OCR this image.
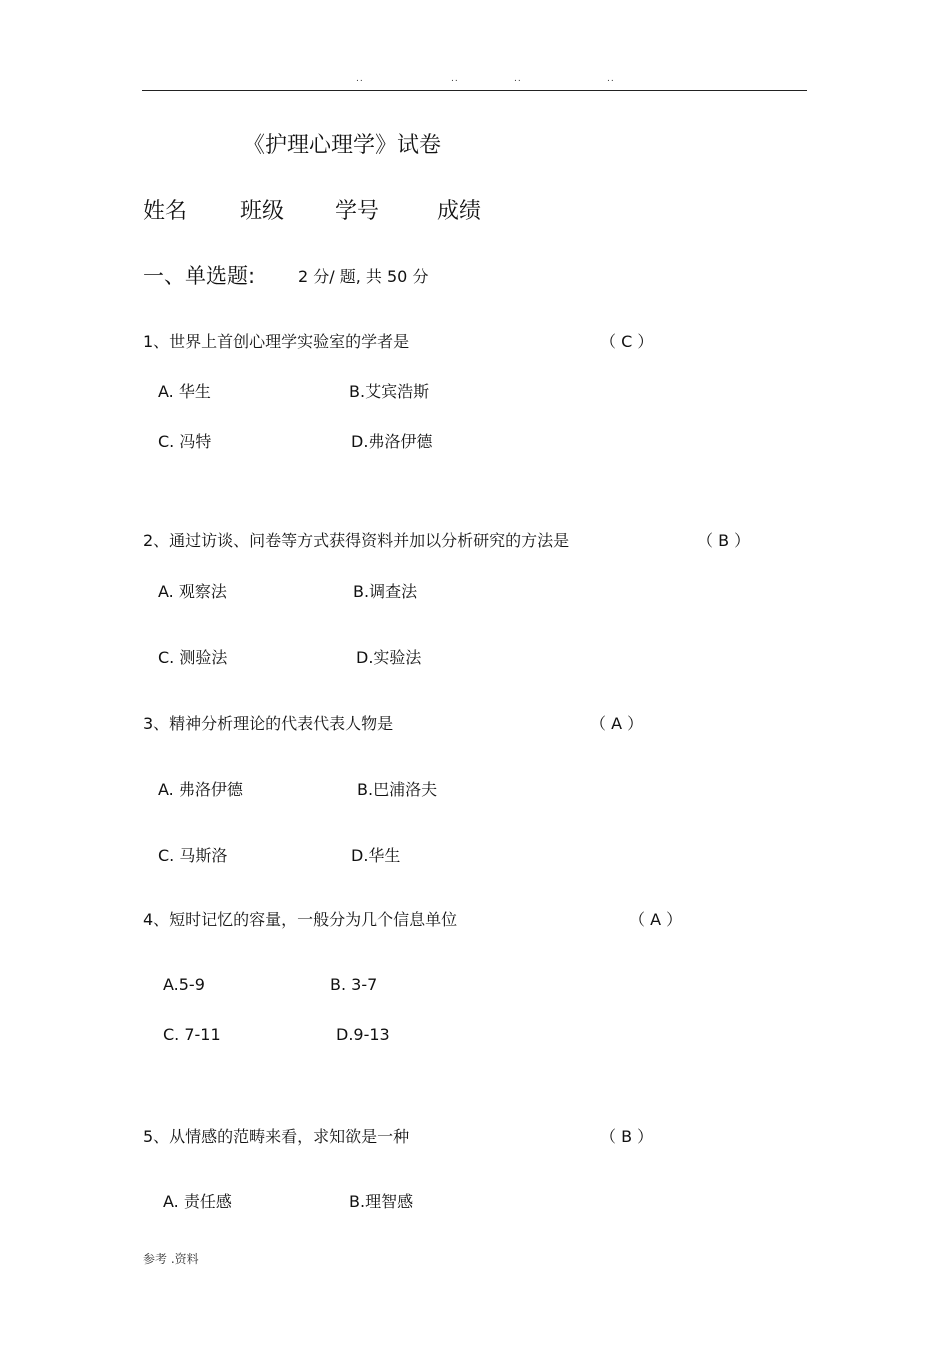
..	..	..	..
《护理心理学》试卷
姓名 班级 学号	成绩
一、单选题:	2 分/ 题, 共 50 分
1、世界上首创心理学实验室的学者是	（ C ）
A. 华生	B.艾宾浩斯
C. 冯特	D.弗洛伊德
2、通过访谈、问卷等方式获得资料并加以分析研究的方法是	（ B ）
A. 观察法	B.调查法
C. 测验法	D.实验法
3、精神分析理论的代表代表人物是	（ A ）
A. 弗洛伊德	B.巴浦洛夫
C. 马斯洛	D.华生
4、短时记忆的容量，一般分为几个信息单位	（ A ）
A.5-9	B. 3-7
C. 7-11	D.9-13
5、从情感的范畴来看，求知欲是一种	（ B ）
A. 责任感	B.理智感
参考 .资料
